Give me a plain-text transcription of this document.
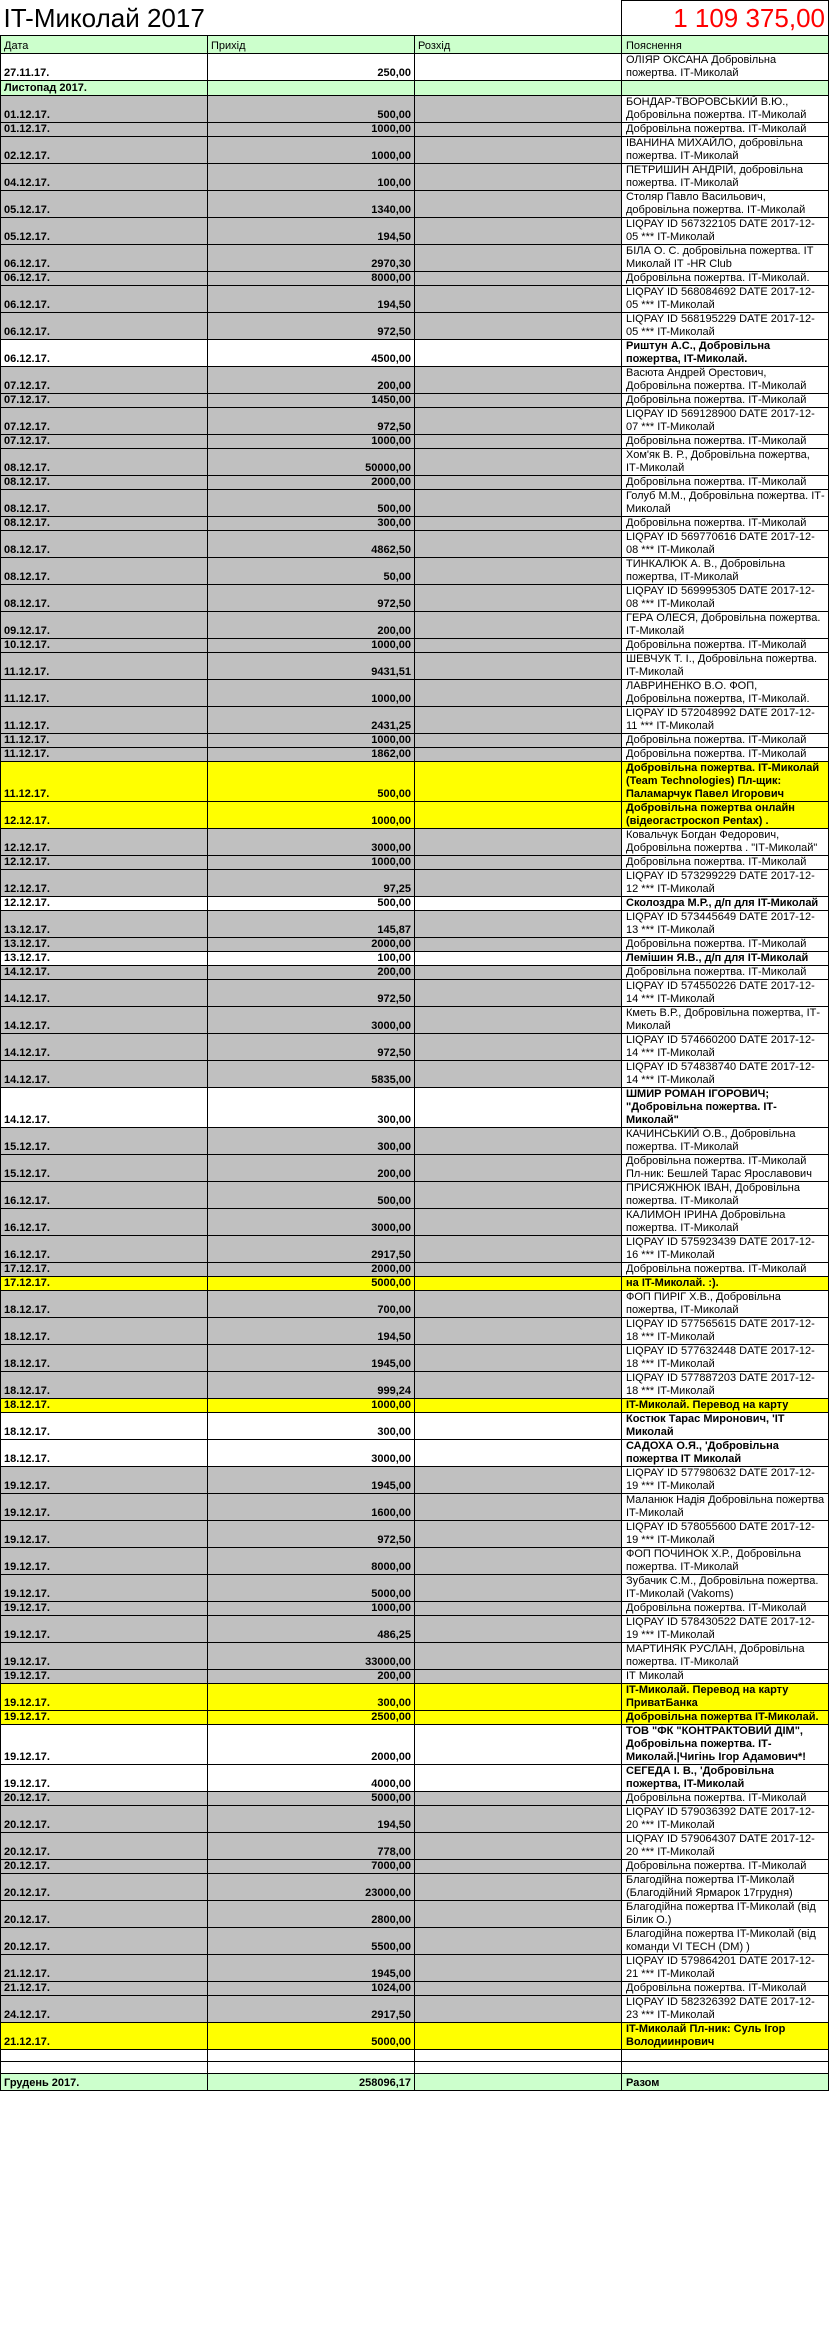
IT-Миколай 2017			1 109 375,00
Дата	Прихід	Розхід	Пояснення
27.11.17.	250,00		ОЛІЯР ОКСАНА Добровільна пожертва. ІТ-Миколай
Листопад 2017.			
01.12.17.	500,00		БОНДАР-ТВОРОВСЬКИЙ В.Ю., Добровільна пожертва. ІТ-Миколай
01.12.17.	1000,00		Добровільна пожертва. ІТ-Миколай
02.12.17.	1000,00		ІВАНИНА МИХАЙЛО, добровільна пожертва. ІТ-Миколай
04.12.17.	100,00		ПЕТРИШИН АНДРІЙ, добровільна пожертва. ІТ-Миколай
05.12.17.	1340,00		Столяр Павло Васильович, добровільна пожертва. ІТ-Миколай
05.12.17.	194,50		LIQPAY ID 567322105 DATE 2017-12-05 *** IT-Миколай
06.12.17.	2970,30		БІЛА О. С. добровільна пожертва. ІТ Миколай ІТ -HR Club
06.12.17.	8000,00		Добровільна пожертва. ІТ-Миколай.
06.12.17.	194,50		LIQPAY ID 568084692 DATE 2017-12-05 *** IT-Миколай
06.12.17.	972,50		LIQPAY ID 568195229 DATE 2017-12-05 *** IT-Миколай
06.12.17.	4500,00		Риштун А.С., Добровільна пожертва, IT-Миколай.
07.12.17.	200,00		Васюта Андрей Орестович, Добровільна пожертва. ІТ-Миколай
07.12.17.	1450,00		Добровільна пожертва. ІТ-Миколай
07.12.17.	972,50		LIQPAY ID 569128900 DATE 2017-12-07 *** IT-Миколай
07.12.17.	1000,00		Добровільна пожертва. ІТ-Миколай
08.12.17.	50000,00		Хом'як В. Р., Добровільна пожертва, ІТ-Миколай
08.12.17.	2000,00		Добровільна пожертва. ІТ-Миколай
08.12.17.	500,00		Голуб М.М., Добровільна пожертва. ІТ-Миколай
08.12.17.	300,00		Добровільна пожертва. ІТ-Миколай
08.12.17.	4862,50		LIQPAY ID 569770616 DATE 2017-12-08 *** IT-Миколай
08.12.17.	50,00		ТИНКАЛЮК А. В., Добровільна пожертва, ІТ-Миколай
08.12.17.	972,50		LIQPAY ID 569995305 DATE 2017-12-08 *** IT-Миколай
09.12.17.	200,00		ГЕРА ОЛЕСЯ, Добровільна пожертва. ІТ-Миколай
10.12.17.	1000,00		Добровільна пожертва. ІТ-Миколай
11.12.17.	9431,51		ШЕВЧУК Т. І., Добровільна пожертва. IT-Миколай
11.12.17.	1000,00		ЛАВРИНЕНКО В.О. ФОП, Добровільна пожертва, ІТ-Миколай.
11.12.17.	2431,25		LIQPAY ID 572048992 DATE 2017-12-11 *** IT-Миколай
11.12.17.	1000,00		Добровільна пожертва. ІТ-Миколай
11.12.17.	1862,00		Добровільна пожертва. ІТ-Миколай
11.12.17.	500,00		Добровільна пожертва. ІТ-Миколай (Team Technologies) Пл-щик: Паламарчук Павел Игорович
12.12.17.	1000,00		Добровільна пожертва онлайн (відеогастроскоп Pentax) .
12.12.17.	3000,00		Ковальчук Богдан Федорович, Добровільна пожертва . "ІТ-Миколай"
12.12.17.	1000,00		Добровільна пожертва. ІТ-Миколай
12.12.17.	97,25		LIQPAY ID 573299229 DATE 2017-12-12 *** IT-Миколай
12.12.17.	500,00		Сколоздра М.Р., д/п для IT-Миколай
13.12.17.	145,87		LIQPAY ID 573445649 DATE 2017-12-13 *** IT-Миколай
13.12.17.	2000,00		Добровільна пожертва. ІТ-Миколай
13.12.17.	100,00		Лемішин Я.В., д/п для IT-Миколай
14.12.17.	200,00		Добровільна пожертва. ІТ-Миколай
14.12.17.	972,50		LIQPAY ID 574550226 DATE 2017-12-14 *** IT-Миколай
14.12.17.	3000,00		Кметь В.Р., Добровільна пожертва, ІТ-Миколай
14.12.17.	972,50		LIQPAY ID 574660200 DATE 2017-12-14 *** IT-Миколай
14.12.17.	5835,00		LIQPAY ID 574838740 DATE 2017-12-14 *** IT-Миколай
14.12.17.	300,00		ШМИР РОМАН ІГОРОВИЧ; "Добровільна пожертва. ІТ-Миколай"
15.12.17.	300,00		КАЧИНСЬКИЙ О.В., Добровільна пожертва. ІТ-Миколай
15.12.17.	200,00		Добровільна пожертва. ІТ-Миколай Пл-ник: Бешлей Тарас Ярославович
16.12.17.	500,00		ПРИСЯЖНЮК ІВАН, Добровільна пожертва. ІТ-Миколай
16.12.17.	3000,00		КАЛИМОН ІРИНА Добровільна пожертва. ІТ-Миколай
16.12.17.	2917,50		LIQPAY ID 575923439 DATE 2017-12-16 *** IT-Миколай
17.12.17.	2000,00		Добровільна пожертва. ІТ-Миколай
17.12.17.	5000,00		на IT-Миколай. :).
18.12.17.	700,00		ФОП ПИРІГ Х.В., Добровільна пожертва, ІТ-Миколай
18.12.17.	194,50		LIQPAY ID 577565615 DATE 2017-12-18 *** IT-Миколай
18.12.17.	1945,00		LIQPAY ID 577632448 DATE 2017-12-18 *** IT-Миколай
18.12.17.	999,24		LIQPAY ID 577887203 DATE 2017-12-18 *** IT-Миколай
18.12.17.	1000,00		IT-Миколай. Перевод на карту
18.12.17.	300,00		Костюк Тарас Миронович, 'IT Миколай
18.12.17.	3000,00		САДОХА О.Я., 'Добровільна пожертва IT Миколай
19.12.17.	1945,00		LIQPAY ID 577980632 DATE 2017-12-19 *** IT-Миколай
19.12.17.	1600,00		Маланюк Надія Добровільна пожертва IT-Миколай
19.12.17.	972,50		LIQPAY ID 578055600 DATE 2017-12-19 *** IT-Миколай
19.12.17.	8000,00		ФОП ПОЧИНОК Х.Р., Добровільна пожертва. ІТ-Миколай
19.12.17.	5000,00		Зубачик С.М., Добровільна пожертва. ІТ-Миколай (Vakoms)
19.12.17.	1000,00		Добровільна пожертва. ІТ-Миколай
19.12.17.	486,25		LIQPAY ID 578430522 DATE 2017-12-19 *** IT-Миколай
19.12.17.	33000,00		МАРТИНЯК РУСЛАН, Добровільна пожертва. ІТ-Миколай
19.12.17.	200,00		ІТ Миколай
19.12.17.	300,00		IT-Миколай. Перевод на карту ПриватБанка
19.12.17.	2500,00		Добровільна пожертва IT-Миколай.
19.12.17.	2000,00		ТОВ "ФК "КОНТРАКТОВИЙ ДІМ", Добровільна пожертва. ІТ-Миколай.|Чигінь Ігор Адамович*!
19.12.17.	4000,00		СЕГЕДА І. В., 'Добровільна пожертва, IT-Миколай
20.12.17.	5000,00		Добровільна пожертва. ІТ-Миколай
20.12.17.	194,50		LIQPAY ID 579036392 DATE 2017-12-20 *** IT-Миколай
20.12.17.	778,00		LIQPAY ID 579064307 DATE 2017-12-20 *** IT-Миколай
20.12.17.	7000,00		Добровільна пожертва. ІТ-Миколай
20.12.17.	23000,00		Благодійна пожертва IT-Миколай (Благодійний Ярмарок 17грудня)
20.12.17.	2800,00		Благодійна пожертва IT-Миколай (від Білик О.)
20.12.17.	5500,00		Благодійна пожертва IT-Миколай (від команди VI TECH (DM) )
21.12.17.	1945,00		LIQPAY ID 579864201 DATE 2017-12-21 *** IT-Миколай
21.12.17.	1024,00		Добровільна пожертва. ІТ-Миколай
24.12.17.	2917,50		LIQPAY ID 582326392 DATE 2017-12-23 *** IT-Миколай
21.12.17.	5000,00		IT-Миколай Пл-ник: Суль Ігор Володиинрович

Грудень 2017.	258096,17		Разом
